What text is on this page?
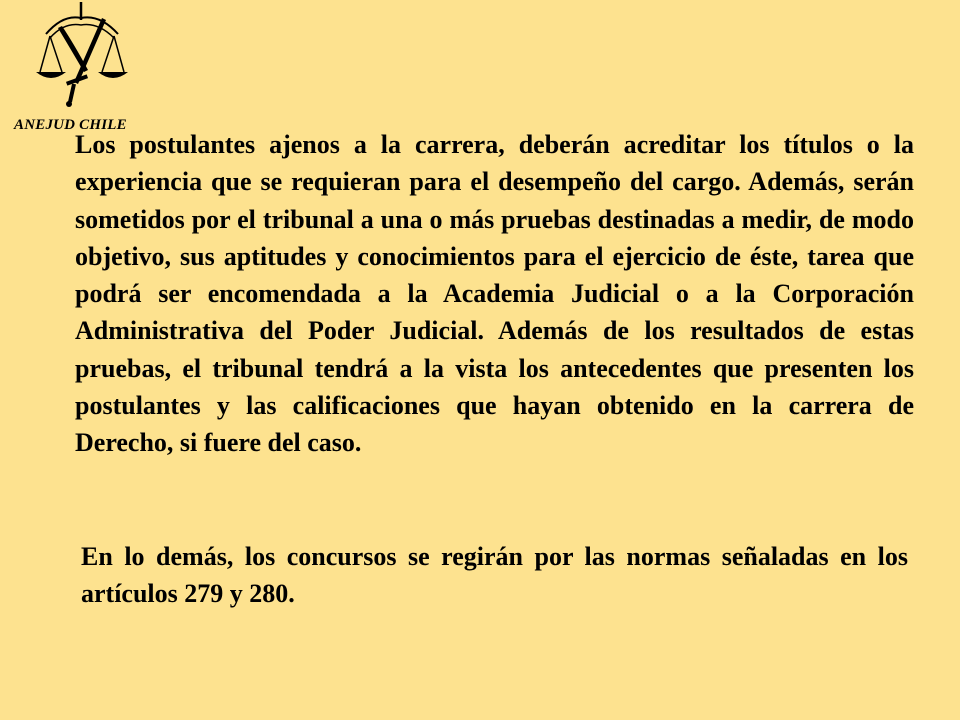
ANEJUD CHILE

Los postulantes ajenos a la carrera, deberán acreditar los títulos o la experiencia que se requieran para el desempeño del cargo. Además, serán sometidos por el tribunal a una o más pruebas destinadas a medir, de modo objetivo, sus aptitudes y conocimientos para el ejercicio de éste, tarea que podrá ser encomendada a la Academia Judicial o a la Corporación Administrativa del Poder Judicial. Además de los resultados de estas pruebas, el tribunal tendrá a la vista los antecedentes que presenten los postulantes y las calificaciones que hayan obtenido en la carrera de Derecho, si fuere del caso.

En lo demás, los concursos se regirán por las normas señaladas en los artículos 279 y 280.
